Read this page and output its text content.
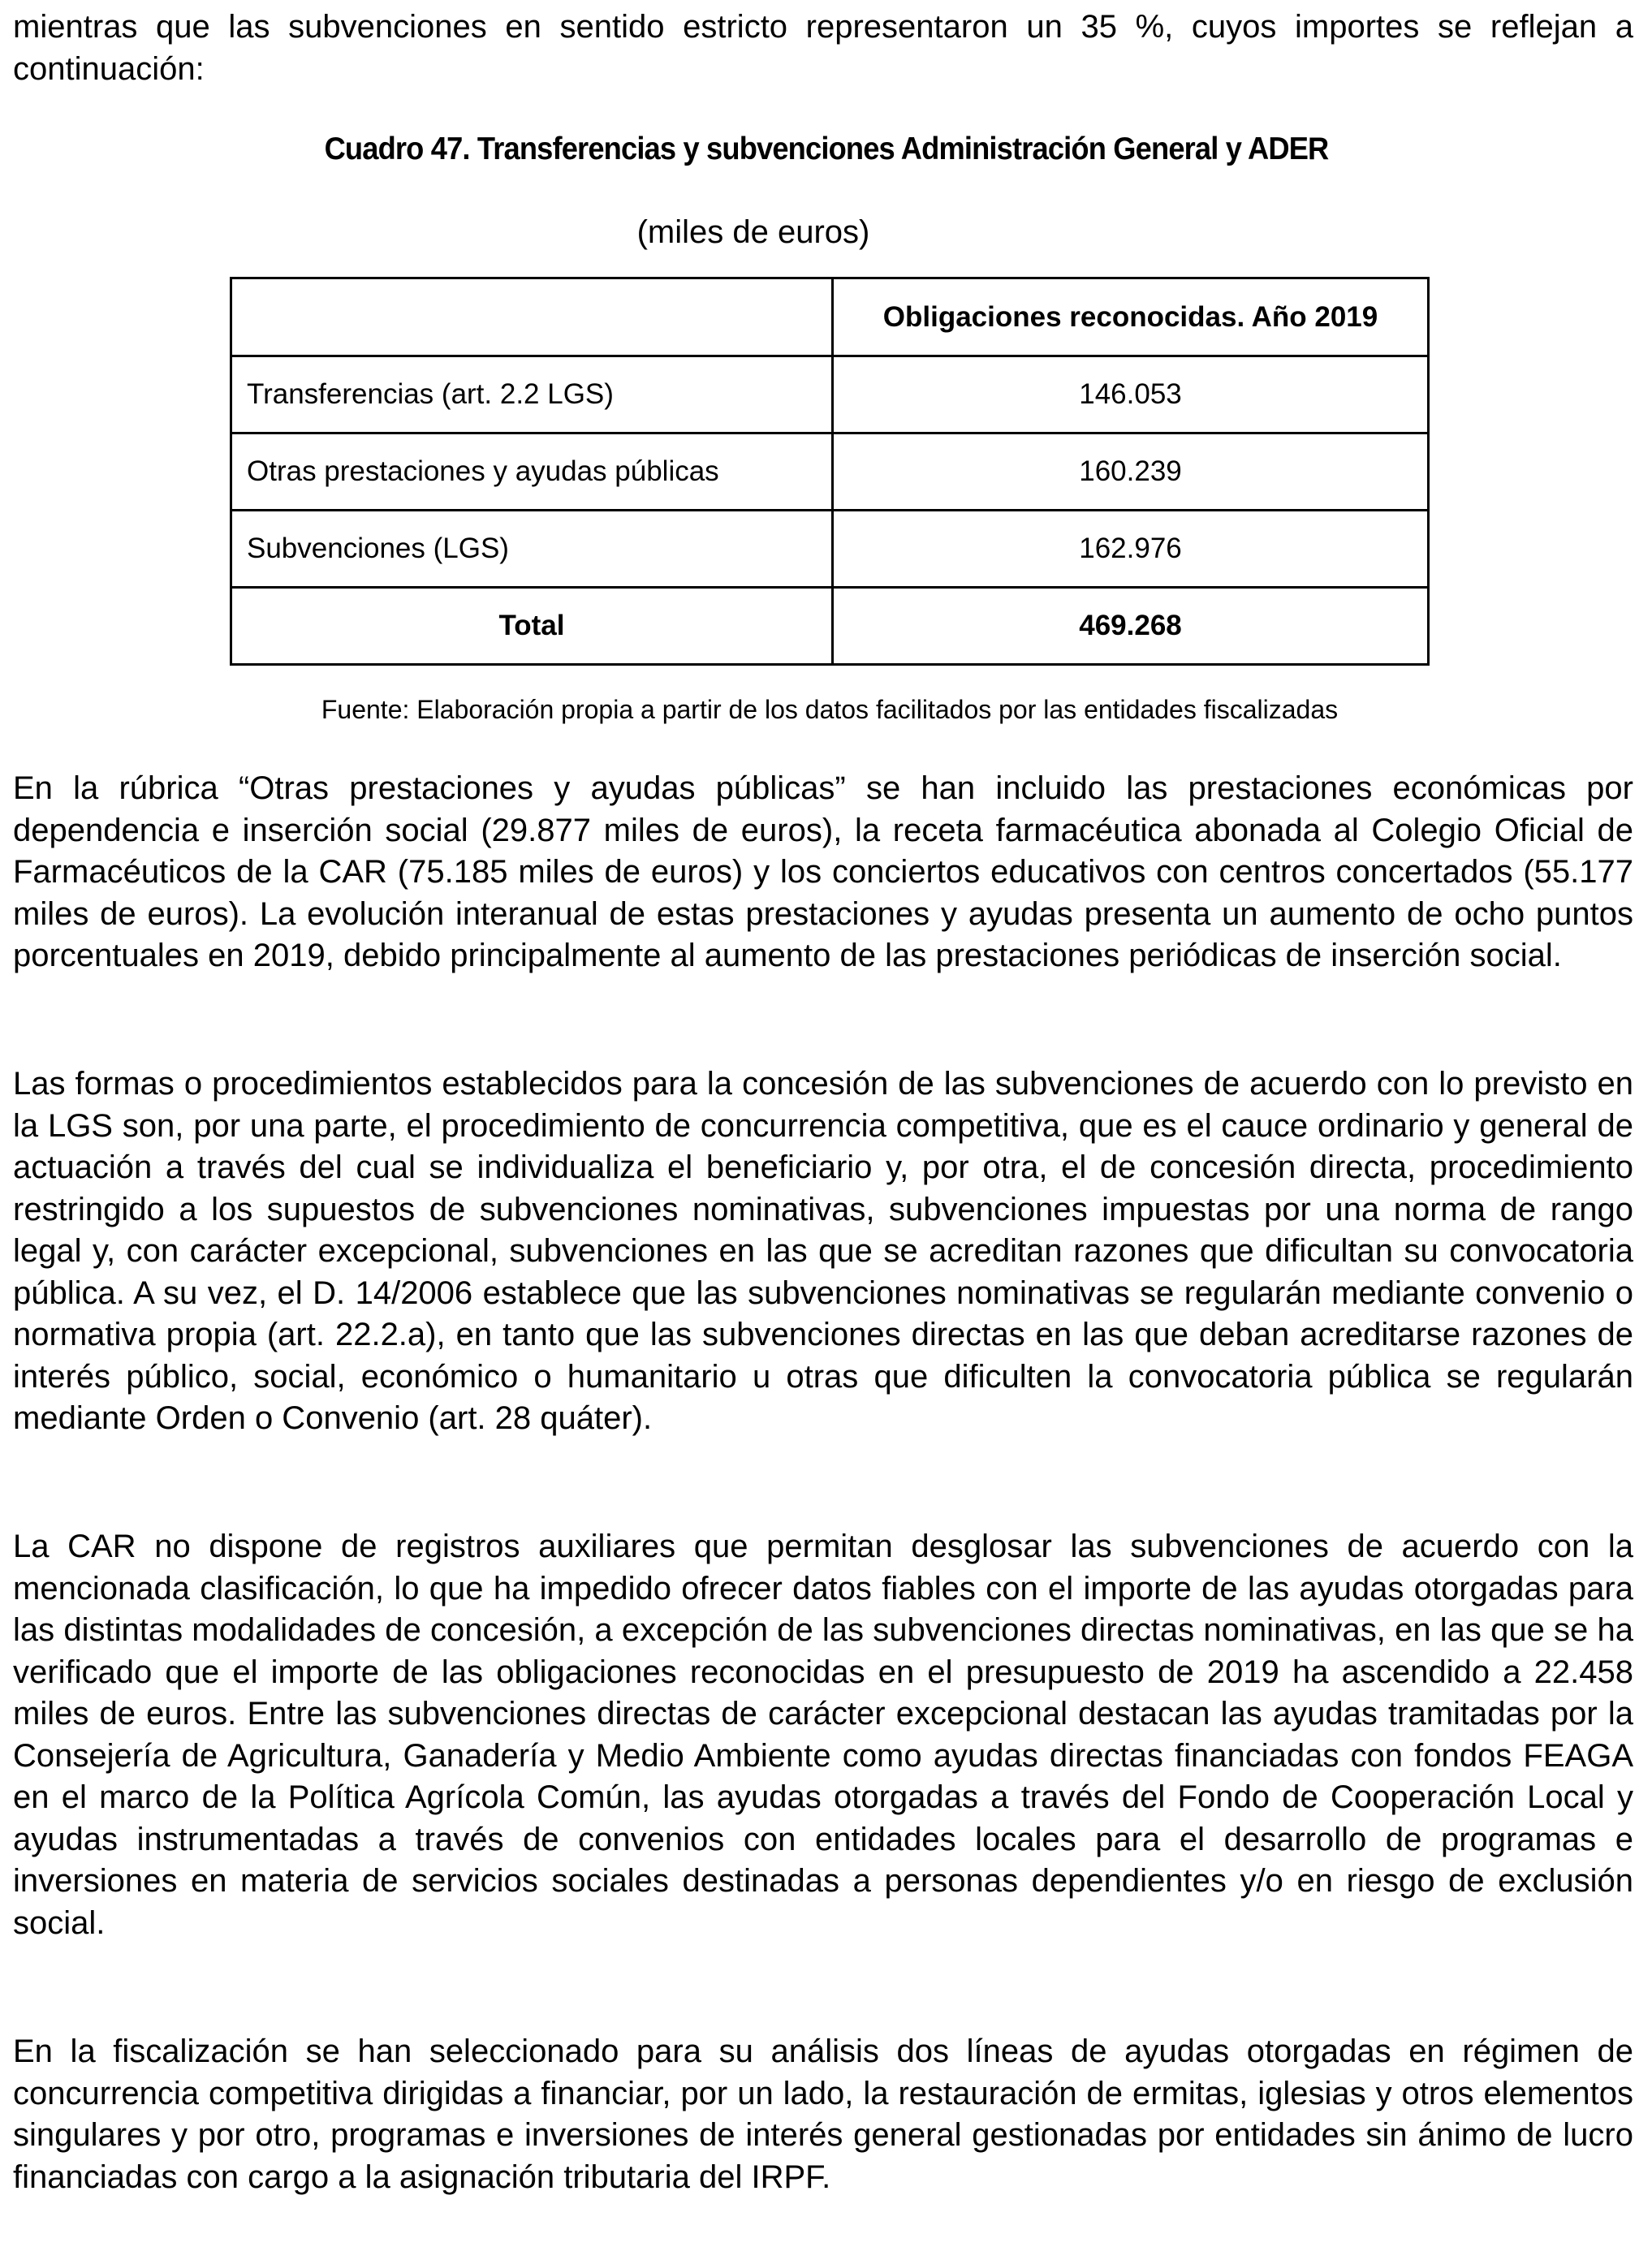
mientras que las subvenciones en sentido estricto representaron un 35 %, cuyos importes se reflejan a continuación:

Cuadro 47. Transferencias y subvenciones Administración General y ADER

(miles de euros)

	Obligaciones reconocidas. Año 2019
Transferencias (art. 2.2 LGS)	146.053
Otras prestaciones y ayudas públicas	160.239
Subvenciones (LGS)	162.976
Total	469.268

Fuente: Elaboración propia a partir de los datos facilitados por las entidades fiscalizadas

En la rúbrica “Otras prestaciones y ayudas públicas” se han incluido las prestaciones económicas por dependencia e inserción social (29.877 miles de euros), la receta farmacéutica abonada al Colegio Oficial de Farmacéuticos de la CAR (75.185 miles de euros) y los conciertos educativos con centros concertados (55.177 miles de euros). La evolución interanual de estas prestaciones y ayudas presenta un aumento de ocho puntos porcentuales en 2019, debido principalmente al aumento de las prestaciones periódicas de inserción social.

Las formas o procedimientos establecidos para la concesión de las subvenciones de acuerdo con lo previsto en la LGS son, por una parte, el procedimiento de concurrencia competitiva, que es el cauce ordinario y general de actuación a través del cual se individualiza el beneficiario y, por otra, el de concesión directa, procedimiento restringido a los supuestos de subvenciones nominativas, subvenciones impuestas por una norma de rango legal y, con carácter excepcional, subvenciones en las que se acreditan razones que dificultan su convocatoria pública. A su vez, el D. 14/2006 establece que las subvenciones nominativas se regularán mediante convenio o normativa propia (art. 22.2.a), en tanto que las subvenciones directas en las que deban acreditarse razones de interés público, social, económico o humanitario u otras que dificulten la convocatoria pública se regularán mediante Orden o Convenio (art. 28 quáter).

La CAR no dispone de registros auxiliares que permitan desglosar las subvenciones de acuerdo con la mencionada clasificación, lo que ha impedido ofrecer datos fiables con el importe de las ayudas otorgadas para las distintas modalidades de concesión, a excepción de las subvenciones directas nominativas, en las que se ha verificado que el importe de las obligaciones reconocidas en el presupuesto de 2019 ha ascendido a 22.458 miles de euros. Entre las subvenciones directas de carácter excepcional destacan las ayudas tramitadas por la Consejería de Agricultura, Ganadería y Medio Ambiente como ayudas directas financiadas con fondos FEAGA en el marco de la Política Agrícola Común, las ayudas otorgadas a través del Fondo de Cooperación Local y ayudas instrumentadas a través de convenios con entidades locales para el desarrollo de programas e inversiones en materia de servicios sociales destinadas a personas dependientes y/o en riesgo de exclusión social.

En la fiscalización se han seleccionado para su análisis dos líneas de ayudas otorgadas en régimen de concurrencia competitiva dirigidas a financiar, por un lado, la restauración de ermitas, iglesias y otros elementos singulares y por otro, programas e inversiones de interés general gestionadas por entidades sin ánimo de lucro financiadas con cargo a la asignación tributaria del IRPF.
